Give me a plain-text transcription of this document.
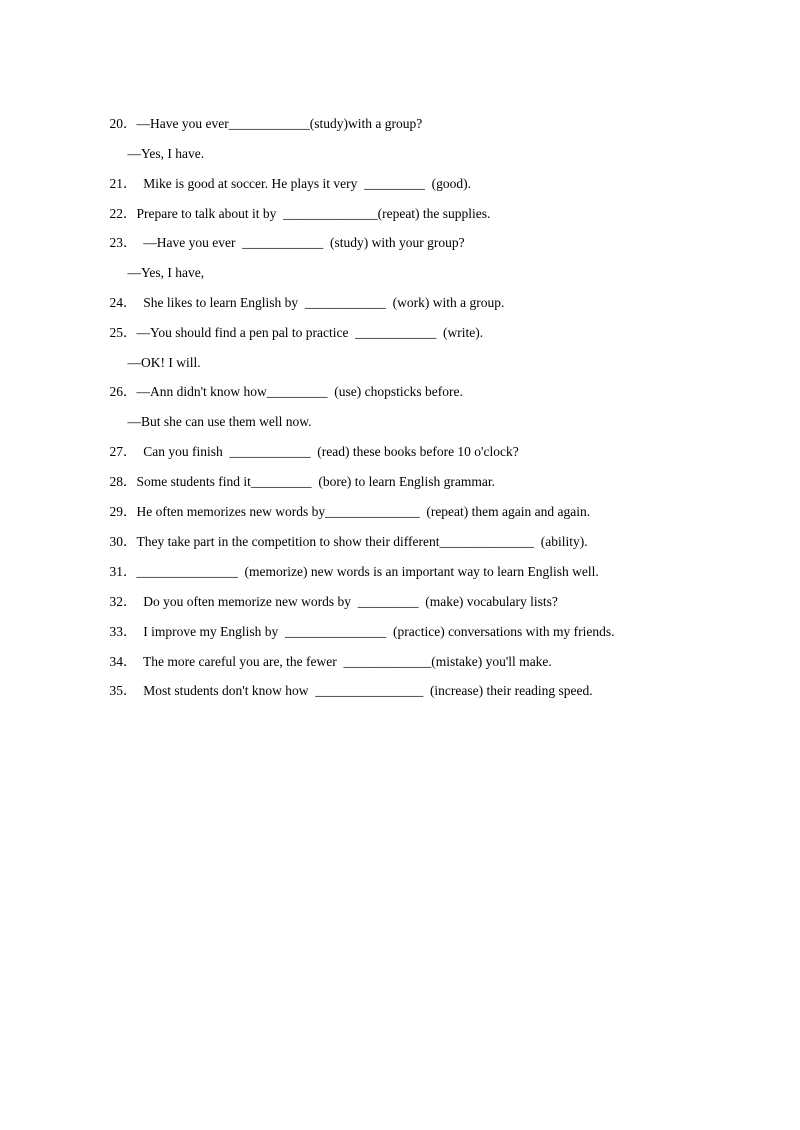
20．—Have you ever____________(study)with a group?

—Yes, I have.

21．  Mike is good at soccer. He plays it very  _________  (good).

22．Prepare to talk about it by  ______________(repeat) the supplies.

23．  —Have you ever  ____________  (study) with your group?

—Yes, I have,

24．  She likes to learn English by  ____________  (work) with a group.

25．—You should find a pen pal to practice  ____________  (write).

—OK! I will.

26．—Ann didn't know how_________  (use) chopsticks before.

—But she can use them well now.

27．  Can you finish  ____________  (read) these books before 10 o'clock?

28．Some students find it_________  (bore) to learn English grammar.

29．He often memorizes new words by______________  (repeat) them again and again.

30．They take part in the competition to show their different______________  (ability).

31．_______________  (memorize) new words is an important way to learn English well.

32．  Do you often memorize new words by  _________  (make) vocabulary lists?

33．  I improve my English by  _______________  (practice) conversations with my friends.

34．  The more careful you are, the fewer  _____________(mistake) you'll make.

35．  Most students don't know how  ________________  (increase) their reading speed.
